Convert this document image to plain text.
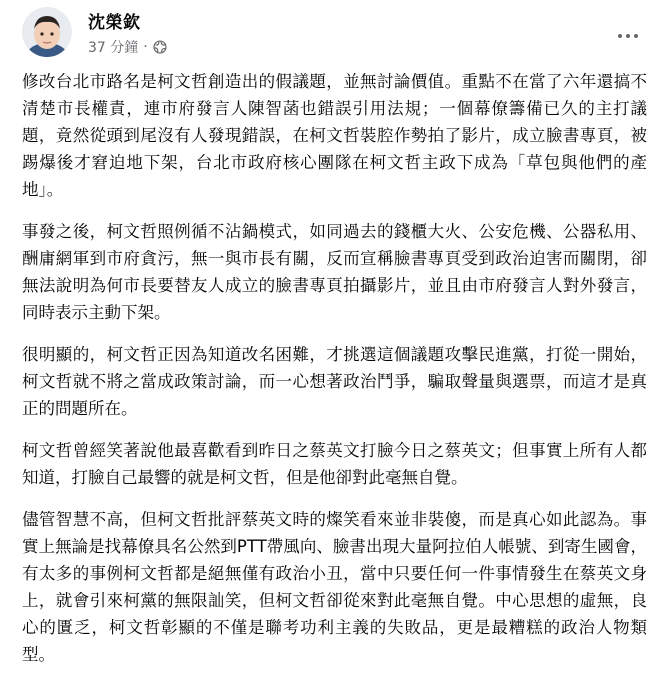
沈榮欽
37 分鐘 ·

修改台北市路名是柯文哲創造出的假議題，並無討論價值。重點不在當了六年還搞不清楚市長權責，連市府發言人陳智菡也錯誤引用法規；一個幕僚籌備已久的主打議題，竟然從頭到尾沒有人發現錯誤，在柯文哲裝腔作勢拍了影片，成立臉書專頁，被踢爆後才窘迫地下架，台北市政府核心團隊在柯文哲主政下成為「草包與他們的產地」。

事發之後，柯文哲照例循不沾鍋模式，如同過去的錢櫃大火、公安危機、公器私用、酬庸網軍到市府貪污，無一與市長有關，反而宣稱臉書專頁受到政治迫害而關閉，卻無法說明為何市長要替友人成立的臉書專頁拍攝影片，並且由市府發言人對外發言，同時表示主動下架。

很明顯的，柯文哲正因為知道改名困難，才挑選這個議題攻擊民進黨，打從一開始，柯文哲就不將之當成政策討論，而一心想著政治鬥爭，騙取聲量與選票，而這才是真正的問題所在。

柯文哲曾經笑著說他最喜歡看到昨日之蔡英文打臉今日之蔡英文；但事實上所有人都知道，打臉自己最響的就是柯文哲，但是他卻對此毫無自覺。

儘管智慧不高，但柯文哲批評蔡英文時的燦笑看來並非裝傻，而是真心如此認為。事實上無論是找幕僚具名公然到PTT帶風向、臉書出現大量阿拉伯人帳號、到寄生國會，有太多的事例柯文哲都是絕無僅有政治小丑，當中只要任何一件事情發生在蔡英文身上，就會引來柯黨的無限訕笑，但柯文哲卻從來對此毫無自覺。中心思想的虛無，良心的匱乏，柯文哲彰顯的不僅是聯考功利主義的失敗品，更是最糟糕的政治人物類型。
